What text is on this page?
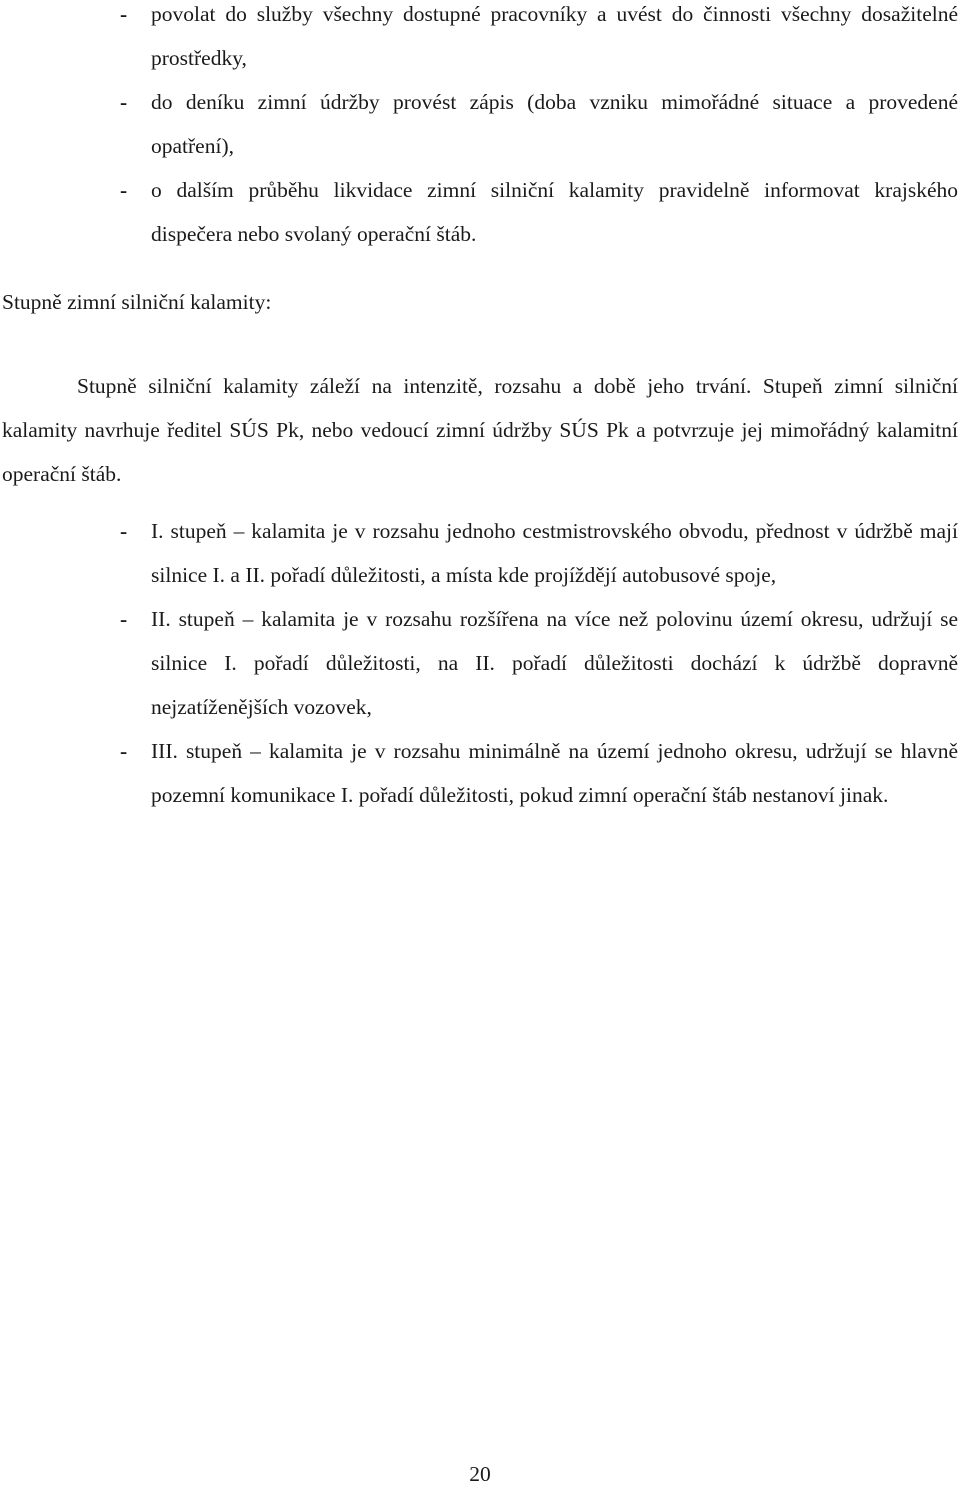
- povolat do služby všechny dostupné pracovníky a uvést do činnosti všechny dosažitelné prostředky,
- do deníku zimní údržby provést zápis (doba vzniku mimořádné situace a provedené opatření),
- o dalším průběhu likvidace zimní silniční kalamity pravidelně informovat krajského dispečera nebo svolaný operační štáb.
Stupně zimní silniční kalamity:
Stupně silniční kalamity záleží na intenzitě, rozsahu a době jeho trvání. Stupeň zimní silniční kalamity navrhuje ředitel SÚS Pk, nebo vedoucí zimní údržby SÚS Pk a potvrzuje jej mimořádný kalamitní operační štáb.
- I. stupeň – kalamita je v rozsahu jednoho cestmistrovského obvodu, přednost v údržbě mají silnice I. a II. pořadí důležitosti, a místa kde projíždějí autobusové spoje,
- II. stupeň – kalamita je v rozsahu rozšířena na více než polovinu území okresu, udržují se silnice I. pořadí důležitosti, na II. pořadí důležitosti dochází k údržbě dopravně nejzatíženějších vozovek,
- III. stupeň – kalamita je v rozsahu minimálně na území jednoho okresu, udržují se hlavně pozemní komunikace I. pořadí důležitosti, pokud zimní operační štáb nestanoví jinak.
20
